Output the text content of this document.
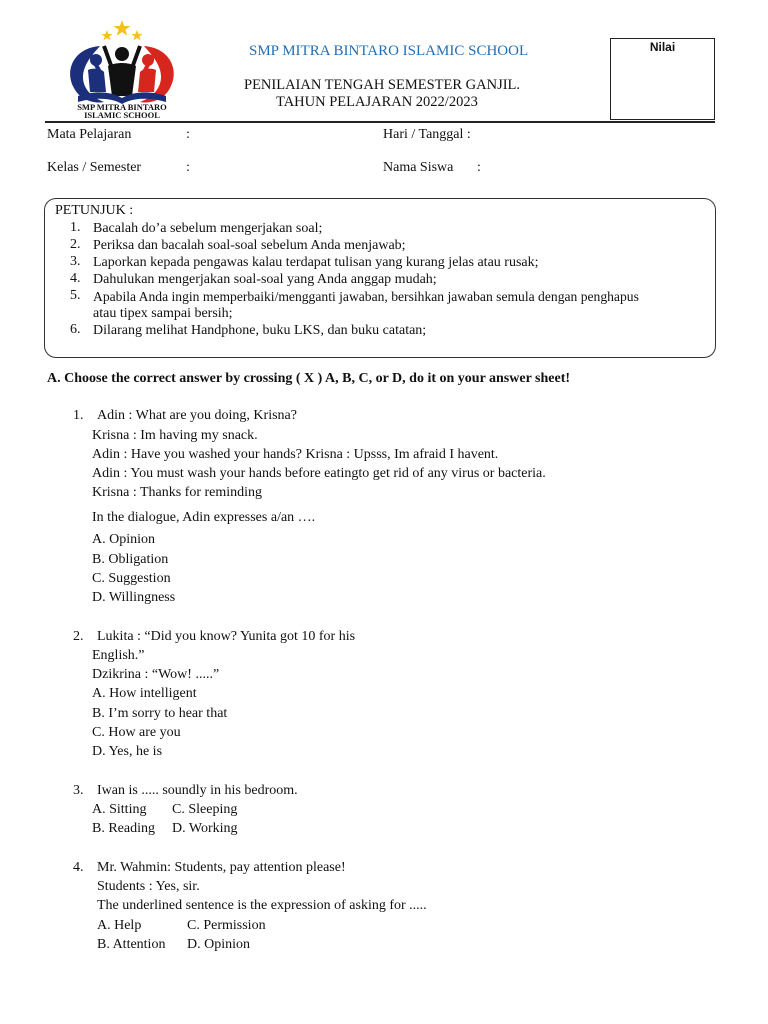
SMP MITRA BINTARO
ISLAMIC SCHOOL
SMP MITRA BINTARO ISLAMIC SCHOOL
PENILAIAN TENGAH SEMESTER GANJIL.
TAHUN PELAJARAN 2022/2023
Nilai
Mata Pelajaran	:	Hari / Tanggal :
Kelas / Semester	:	Nama Siswa :
PETUNJUK :
1. Bacalah do’a sebelum mengerjakan soal;
2. Periksa dan bacalah soal-soal sebelum Anda menjawab;
3. Laporkan kepada pengawas kalau terdapat tulisan yang kurang jelas atau rusak;
4. Dahulukan mengerjakan soal-soal yang Anda anggap mudah;
5. Apabila Anda ingin memperbaiki/mengganti jawaban, bersihkan jawaban semula dengan penghapus
atau tipex sampai bersih;
6. Dilarang melihat Handphone, buku LKS, dan buku catatan;
A. Choose the correct answer by crossing ( X ) A, B, C, or D, do it on your answer sheet!
1. Adin : What are you doing, Krisna?
Krisna : Im having my snack.
Adin : Have you washed your hands? Krisna : Upsss, Im afraid I havent.
Adin : You must wash your hands before eatingto get rid of any virus or bacteria.
Krisna : Thanks for reminding
In the dialogue, Adin expresses a/an ….
A. Opinion
B. Obligation
C. Suggestion
D. Willingness
2. Lukita : “Did you know? Yunita got 10 for his
English.”
Dzikrina : “Wow! .....”
A. How intelligent
B. I’m sorry to hear that
C. How are you
D. Yes, he is
3. Iwan is ..... soundly in his bedroom.
A. Sitting C. Sleeping
B. Reading D. Working
4. Mr. Wahmin: Students, pay attention please!
Students : Yes, sir.
The underlined sentence is the expression of asking for .....
A. Help	C. Permission
B. Attention D. Opinion
